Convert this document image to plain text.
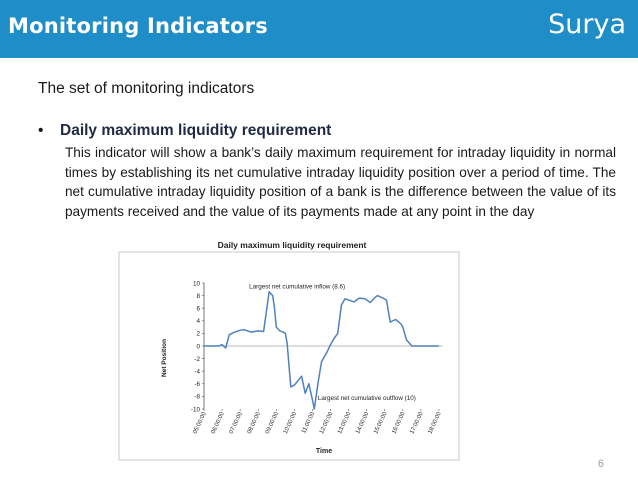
Monitoring Indicators	Surya
The set of monitoring indicators
• Daily maximum liquidity requirement
This indicator will show a bank’s daily maximum requirement for intraday liquidity in normal times by establishing its net cumulative intraday liquidity position over a period of time. The net cumulative intraday liquidity position of a bank is the difference between the value of its payments received and the value of its payments made at any point in the day
Daily maximum liquidity requirement
10
8
6
4
2
0
-2
-4
-6
-8
-10
05:00:00 06:00:00 07:00:00 08:00:00 09:00:00 10:00:00 11:00:00 12:00:00 13:00:00 14:00:00 15:00:00 16:00:00 17:00:00 18:00:00
Largest net cumulative inflow (8.6)
Largest net cumulative outflow (10)
Net Position
Time
6
